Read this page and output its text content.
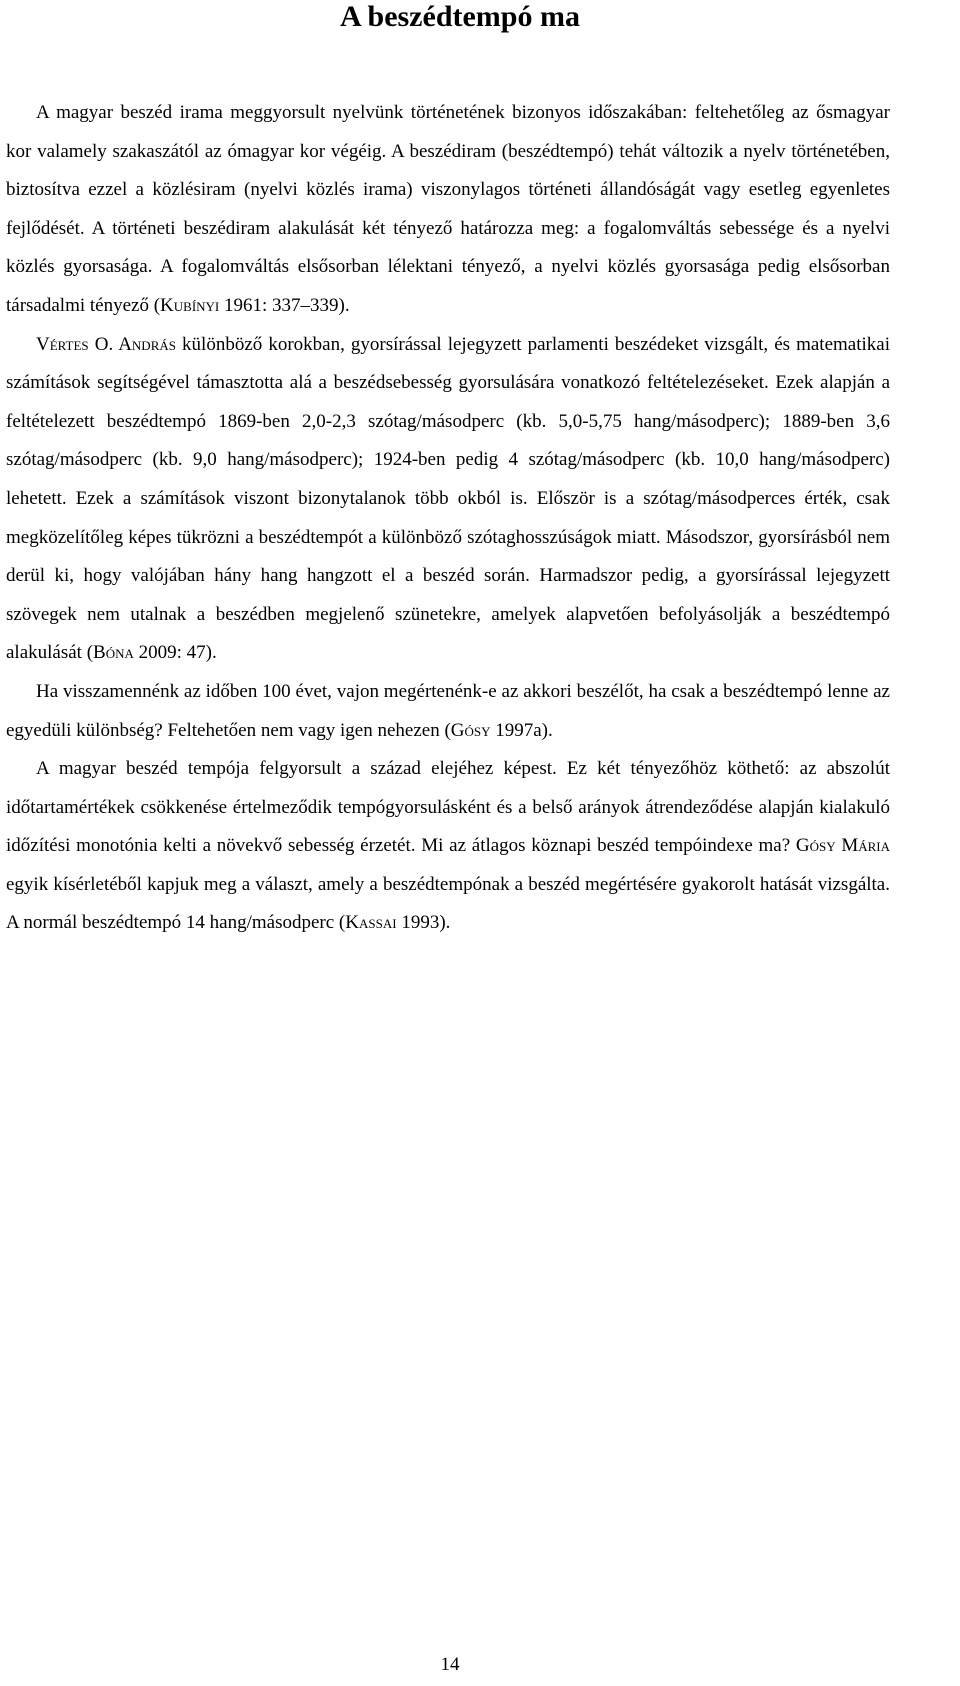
A beszédtempó ma

A magyar beszéd irama meggyorsult nyelvünk történetének bizonyos időszakában: feltehetőleg az ősmagyar kor valamely szakaszától az ómagyar kor végéig. A beszédiram (beszédtempó) tehát változik a nyelv történetében, biztosítva ezzel a közlésiram (nyelvi közlés irama) viszonylagos történeti állandóságát vagy esetleg egyenletes fejlődését. A történeti beszédiram alakulását két tényező határozza meg: a fogalomváltás sebessége és a nyelvi közlés gyorsasága. A fogalomváltás elsősorban lélektani tényező, a nyelvi közlés gyorsasága pedig elsősorban társadalmi tényező (Kubínyi 1961: 337–339).

Vértes O. András különböző korokban, gyorsírással lejegyzett parlamenti beszédeket vizsgált, és matematikai számítások segítségével támasztotta alá a beszédsebesség gyorsulására vonatkozó feltételezéseket. Ezek alapján a feltételezett beszédtempó 1869-ben 2,0-2,3 szótag/másodperc (kb. 5,0-5,75 hang/másodperc); 1889-ben 3,6 szótag/másodperc (kb. 9,0 hang/másodperc); 1924-ben pedig 4 szótag/másodperc (kb. 10,0 hang/másodperc) lehetett. Ezek a számítások viszont bizonytalanok több okból is. Először is a szótag/másodperces érték, csak megközelítőleg képes tükrözni a beszédtempót a különböző szótaghosszúságok miatt. Másodszor, gyorsírásból nem derül ki, hogy valójában hány hang hangzott el a beszéd során. Harmadszor pedig, a gyorsírással lejegyzett szövegek nem utalnak a beszédben megjelenő szünetekre, amelyek alapvetően befolyásolják a beszédtempó alakulását (Bóna 2009: 47).

Ha visszamennénk az időben 100 évet, vajon megértenénk-e az akkori beszélőt, ha csak a beszédtempó lenne az egyedüli különbség? Feltehetően nem vagy igen nehezen (Gósy 1997a).

A magyar beszéd tempója felgyorsult a század elejéhez képest. Ez két tényezőhöz köthető: az abszolút időtartamértékek csökkenése értelmeződik tempógyorsulásként és a belső arányok átrendeződése alapján kialakuló időzítési monotónia kelti a növekvő sebesség érzetét. Mi az átlagos köznapi beszéd tempóindexe ma? Gósy Mária egyik kísérletéből kapjuk meg a választ, amely a beszédtempónak a beszéd megértésére gyakorolt hatását vizsgálta. A normál beszédtempó 14 hang/másodperc (Kassai 1993).

14
